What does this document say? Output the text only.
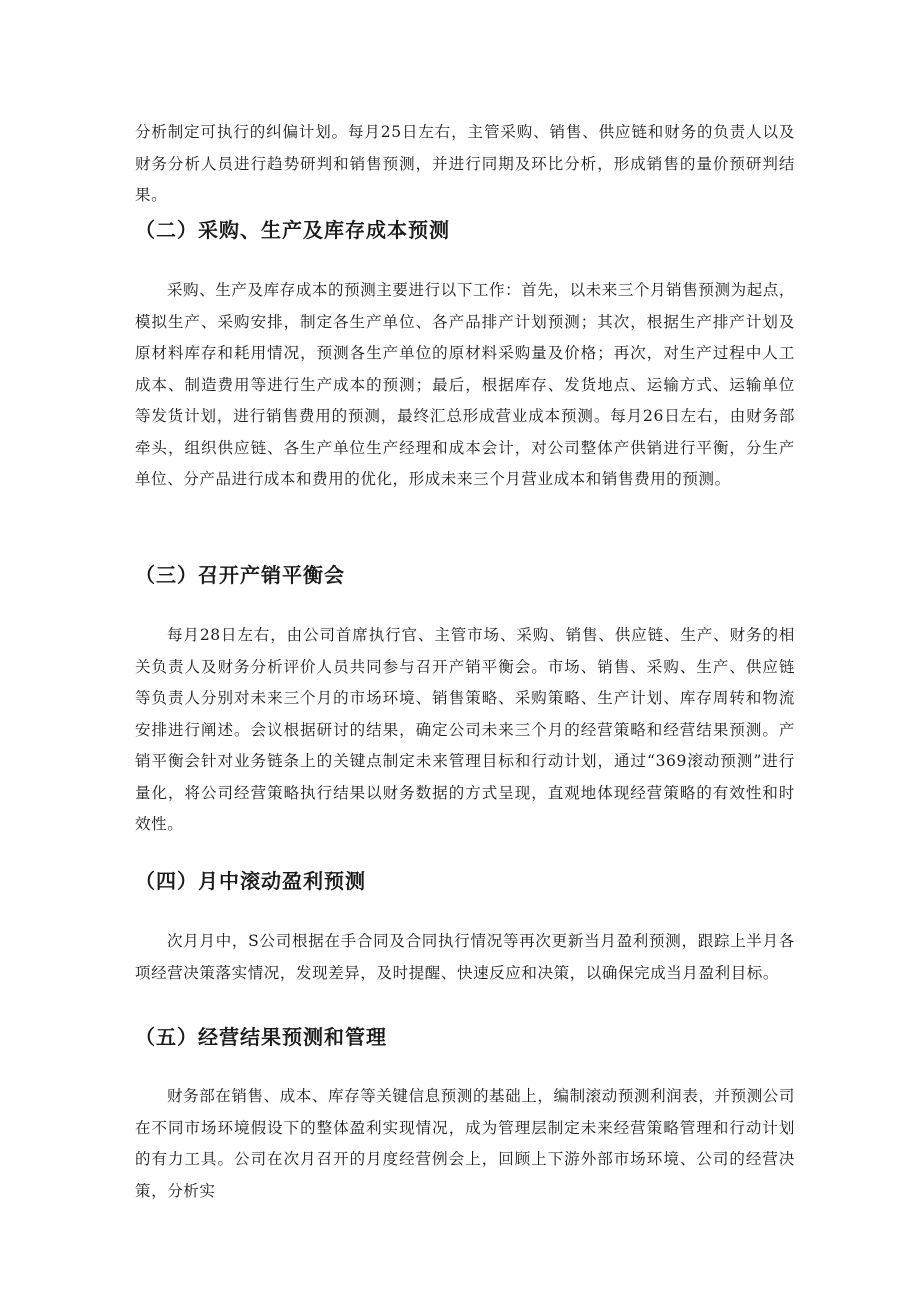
分析制定可执行的纠偏计划。每月25日左右，主管采购、销售、供应链和财务的负责人以及财务分析人员进行趋势研判和销售预测，并进行同期及环比分析，形成销售的量价预研判结果。

（二）采购、生产及库存成本预测

采购、生产及库存成本的预测主要进行以下工作：首先，以未来三个月销售预测为起点，模拟生产、采购安排，制定各生产单位、各产品排产计划预测；其次，根据生产排产计划及原材料库存和耗用情况，预测各生产单位的原材料采购量及价格；再次，对生产过程中人工成本、制造费用等进行生产成本的预测；最后，根据库存、发货地点、运输方式、运输单位等发货计划，进行销售费用的预测，最终汇总形成营业成本预测。每月26日左右，由财务部牵头，组织供应链、各生产单位生产经理和成本会计，对公司整体产供销进行平衡，分生产单位、分产品进行成本和费用的优化，形成未来三个月营业成本和销售费用的预测。

（三）召开产销平衡会

每月28日左右，由公司首席执行官、主管市场、采购、销售、供应链、生产、财务的相关负责人及财务分析评价人员共同参与召开产销平衡会。市场、销售、采购、生产、供应链等负责人分别对未来三个月的市场环境、销售策略、采购策略、生产计划、库存周转和物流安排进行阐述。会议根据研讨的结果，确定公司未来三个月的经营策略和经营结果预测。产销平衡会针对业务链条上的关键点制定未来管理目标和行动计划，通过“369滚动预测”进行量化，将公司经营策略执行结果以财务数据的方式呈现，直观地体现经营策略的有效性和时效性。

（四）月中滚动盈利预测

次月月中，S公司根据在手合同及合同执行情况等再次更新当月盈利预测，跟踪上半月各项经营决策落实情况，发现差异，及时提醒、快速反应和决策，以确保完成当月盈利目标。

（五）经营结果预测和管理

财务部在销售、成本、库存等关键信息预测的基础上，编制滚动预测利润表，并预测公司在不同市场环境假设下的整体盈利实现情况，成为管理层制定未来经营策略管理和行动计划的有力工具。公司在次月召开的月度经营例会上，回顾上下游外部市场环境、公司的经营决策，分析实
